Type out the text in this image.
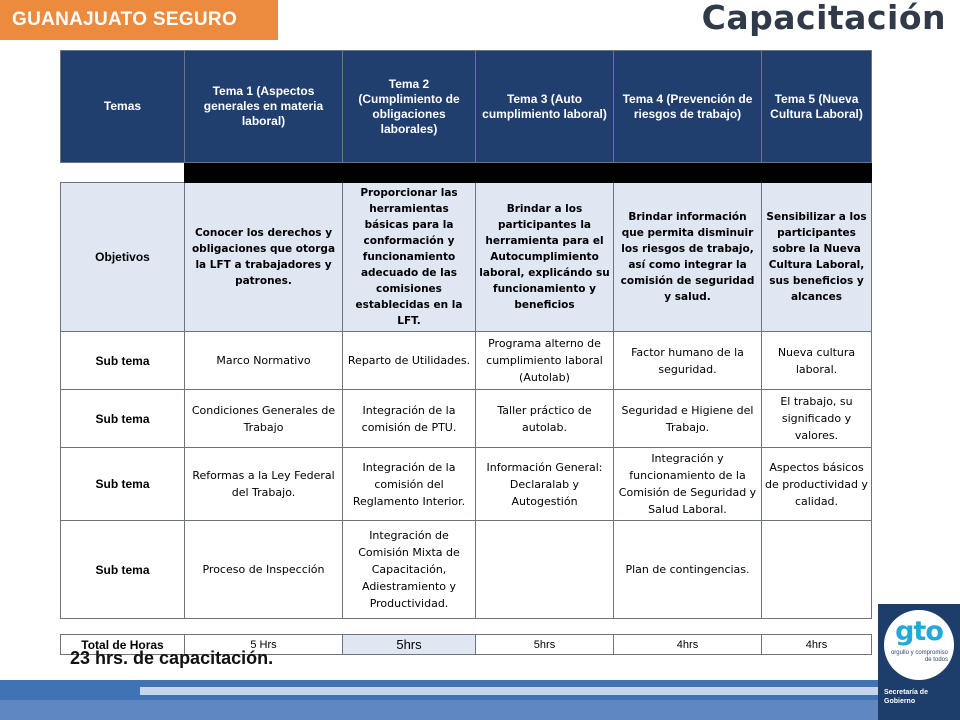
GUANAJUATO SEGURO	Capacitación
Temas	Tema 1 (Aspectos generales en materia laboral)	Tema 2 (Cumplimiento de obligaciones laborales)	Tema 3 (Auto cumplimiento laboral)	Tema 4 (Prevención de riesgos de trabajo)	Tema 5 (Nueva Cultura Laboral)

Objetivos	Conocer los derechos y obligaciones que otorga la LFT a trabajadores y patrones.	Proporcionar las herramientas básicas para la conformación y funcionamiento adecuado de las comisiones establecidas en la LFT.	Brindar a los participantes la herramienta para el Autocumplimiento laboral, explicándo su funcionamiento y beneficios	Brindar información que permita disminuir los riesgos de trabajo, así como integrar la comisión de seguridad y salud.	Sensibilizar a los participantes sobre la Nueva Cultura Laboral, sus beneficios y alcances
Sub tema	Marco Normativo	Reparto de Utilidades.	Programa alterno de cumplimiento laboral (Autolab)	Factor humano de la seguridad.	Nueva cultura laboral.
Sub tema	Condiciones Generales de Trabajo	Integración de la comisión de PTU.	Taller práctico de autolab.	Seguridad e Higiene del Trabajo.	El trabajo, su significado y valores.
Sub tema	Reformas a la Ley Federal del Trabajo.	Integración de la comisión del Reglamento Interior.	Información General: Declaralab y Autogestión	Integración y funcionamiento de la Comisión de Seguridad y Salud Laboral.	Aspectos básicos de productividad y calidad.
Sub tema	Proceso de Inspección	Integración de Comisión Mixta de Capacitación, Adiestramiento y Productividad.		Plan de contingencias.	

Total de Horas	5 Hrs	5hrs	5hrs	4hrs	4hrs
23 hrs. de capacitación.
gto
orgullo y compromiso de todos
Secretaría de Gobierno
